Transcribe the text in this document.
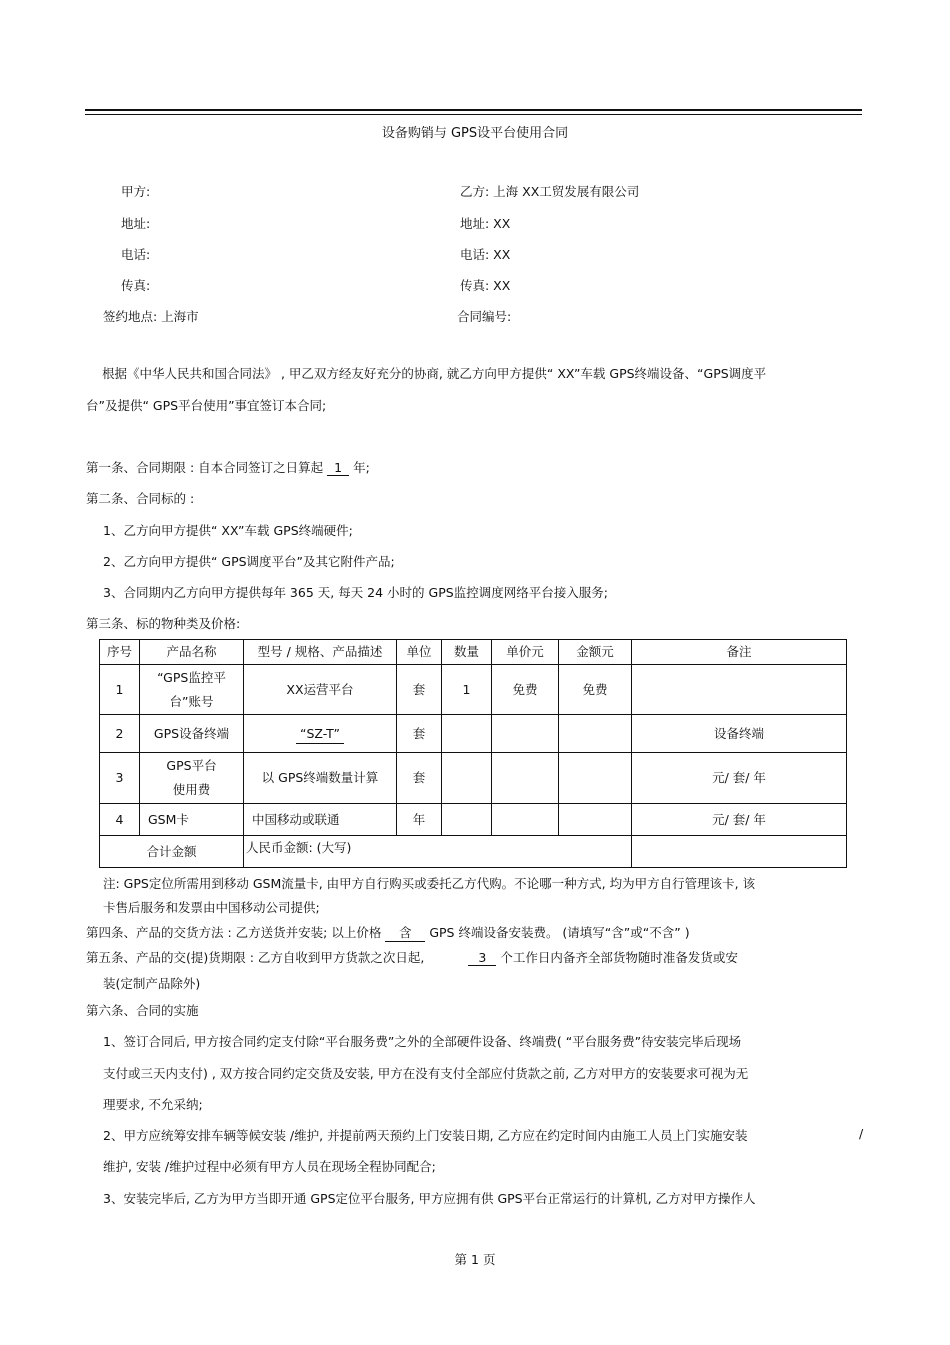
设备购销与 GPS设平台使用合同
甲方:	乙方: 上海 XX工贸发展有限公司
地址:	地址: XX
电话:	电话: XX
传真:	传真: XX
签约地点: 上海市	合同编号:
根据《中华人民共和国合同法》 , 甲乙双方经友好充分的协商, 就乙方向甲方提供“ XX”车载 GPS终端设备、“GPS调度平
台”及提供“ GPS平台使用”事宜签订本合同;
第一条、合同期限 : 自本合同签订之日算起 1 年;
第二条、合同标的 :
1、乙方向甲方提供“ XX”车载 GPS终端硬件;
2、乙方向甲方提供“ GPS调度平台”及其它附件产品;
3、合同期内乙方向甲方提供每年 365 天, 每天 24 小时的 GPS监控调度网络平台接入服务;
第三条、标的物种类及价格:
序号	产品名称	型号 / 规格、产品描述	单位	数量	单价元	金额元	备注
1	“GPS监控平
台”账号	XX运营平台	套	1	免费	免费	
2	GPS设备终端	“SZ-T”	套				设备终端
3	GPS平台
使用费	以 GPS终端数量计算	套				元/ 套/ 年
4	GSM卡	中国移动或联通	年				元/ 套/ 年
合计金额		人民币金额: (大写)					
注: GPS定位所需用到移动 GSM流量卡, 由甲方自行购买或委托乙方代购。不论哪一种方式, 均为甲方自行管理该卡, 该
卡售后服务和发票由中国移动公司提供;
第四条、产品的交货方法 : 乙方送货并安装; 以上价格 含 GPS 终端设备安装费。 (请填写“含”或“不含” )
第五条、产品的交(提)货期限 : 乙方自收到甲方货款之次日起,	3 个工作日内备齐全部货物随时准备发货或安
装(定制产品除外)
第六条、合同的实施
1、签订合同后, 甲方按合同约定支付除“平台服务费”之外的全部硬件设备、终端费( “平台服务费”待安装完毕后现场
支付或三天内支付) , 双方按合同约定交货及安装, 甲方在没有支付全部应付货款之前, 乙方对甲方的安装要求可视为无
理要求, 不允采纳;
2、甲方应统筹安排车辆等候安装 /维护, 并提前两天预约上门安装日期, 乙方应在约定时间内由施工人员上门实施安装	/
维护, 安装 /维护过程中必须有甲方人员在现场全程协同配合;
3、安装完毕后, 乙方为甲方当即开通 GPS定位平台服务, 甲方应拥有供 GPS平台正常运行的计算机, 乙方对甲方操作人
第 1 页
